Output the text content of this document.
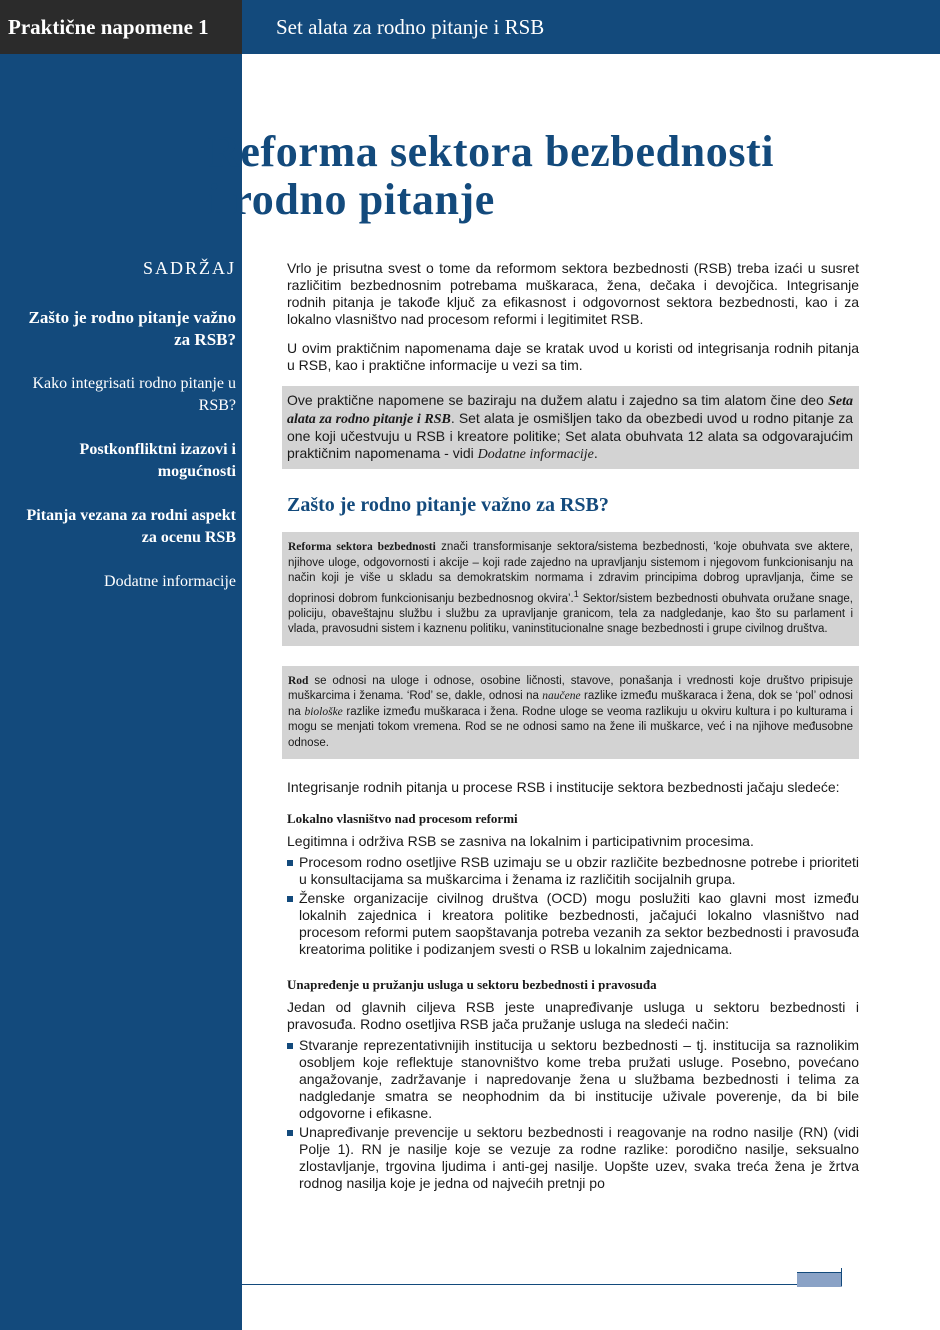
Praktične napomene 1	Set alata za rodno pitanje i RSB
Reforma sektora bezbednosti
i rodno pitanje
SADRŽAJ
Zašto je rodno pitanje važno za RSB?
Kako integrisati rodno pitanje u RSB?
Postkonfliktni izazovi i mogućnosti
Pitanja vezana za rodni aspekt za ocenu RSB
Dodatne informacije

Vrlo je prisutna svest o tome da reformom sektora bezbednosti (RSB) treba izaći u susret različitim bezbednosnim potrebama muškaraca, žena, dečaka i devojčica. Integrisanje rodnih pitanja je takođe ključ za efikasnost i odgovornost sektora bezbednosti, kao i za lokalno vlasništvo nad procesom reformi i legitimitet RSB.

U ovim praktičnim napomenama daje se kratak uvod u koristi od integrisanja rodnih pitanja u RSB, kao i praktične informacije u vezi sa tim.

Ove praktične napomene se baziraju na dužem alatu i zajedno sa tim alatom čine deo Seta alata za rodno pitanje i RSB. Set alata je osmišljen tako da obezbedi uvod u rodno pitanje za one koji učestvuju u RSB i kreatore politike; Set alata obuhvata 12 alata sa odgovarajućim praktičnim napomenama - vidi Dodatne informacije.
Zašto je rodno pitanje važno za RSB?
Reforma sektora bezbednosti znači transformisanje sektora/sistema bezbednosti, ‘koje obuhvata sve aktere, njihove uloge, odgovornosti i akcije – koji rade zajedno na upravljanju sistemom i njegovom funkcionisanju na način koji je više u skladu sa demokratskim normama i zdravim principima dobrog upravljanja, čime se doprinosi dobrom funkcionisanju bezbednosnog okvira’.$^1$ Sektor/sistem bezbednosti obuhvata oružane snage, policiju, obaveštajnu službu i službu za upravljanje granicom, tela za nadgledanje, kao što su parlament i vlada, pravosudni sistem i kaznenu politiku, vaninstitucionalne snage bezbednosti i grupe civilnog društva.
Rod se odnosi na uloge i odnose, osobine ličnosti, stavove, ponašanja i vrednosti koje društvo pripisuje muškarcima i ženama. ‘Rod’ se, dakle, odnosi na naučene razlike između muškaraca i žena, dok se ‘pol’ odnosi na biološke razlike između muškaraca i žena. Rodne uloge se veoma razlikuju u okviru kultura i po kulturama i mogu se menjati tokom vremena. Rod se ne odnosi samo na žene ili muškarce, već i na njihove međusobne odnose.

Integrisanje rodnih pitanja u procese RSB i institucije sektora bezbednosti jačaju sledeće:

Lokalno vlasništvo nad procesom reformi

Legitimna i održiva RSB se zasniva na lokalnim i participativnim procesima.

Procesom rodno osetljive RSB uzimaju se u obzir različite bezbednosne potrebe i prioriteti u konsultacijama sa muškarcima i ženama iz različitih socijalnih grupa.
Ženske organizacije civilnog društva (OCD) mogu poslužiti kao glavni most između lokalnih zajednica i kreatora politike bezbednosti, jačajući lokalno vlasništvo nad procesom reformi putem saopštavanja potreba vezanih za sektor bezbednosti i pravosuđa kreatorima politike i podizanjem svesti o RSB u lokalnim zajednicama.
Unapređenje u pružanju usluga u sektoru bezbednosti i pravosuđa

Jedan od glavnih ciljeva RSB jeste unapređivanje usluga u sektoru bezbednosti i pravosuđa. Rodno osetljiva RSB jača pružanje usluga na sledeći način:

Stvaranje reprezentativnijih institucija u sektoru bezbednosti – tj. institucija sa raznolikim osobljem koje reflektuje stanovništvo kome treba pružati usluge. Posebno, povećano angažovanje, zadržavanje i napredovanje žena u službama bezbednosti i telima za nadgledanje smatra se neophodnim da bi institucije uživale poverenje, da bi bile odgovorne i efikasne.
Unapređivanje prevencije u sektoru bezbednosti i reagovanje na rodno nasilje (RN) (vidi Polje 1). RN je nasilje koje se vezuje za rodne razlike: porodično nasilje, seksualno zlostavljanje, trgovina ljudima i anti-gej nasilje. Uopšte uzev, svaka treća žena je žrtva rodnog nasilja koje je jedna od najvećih pretnji po
